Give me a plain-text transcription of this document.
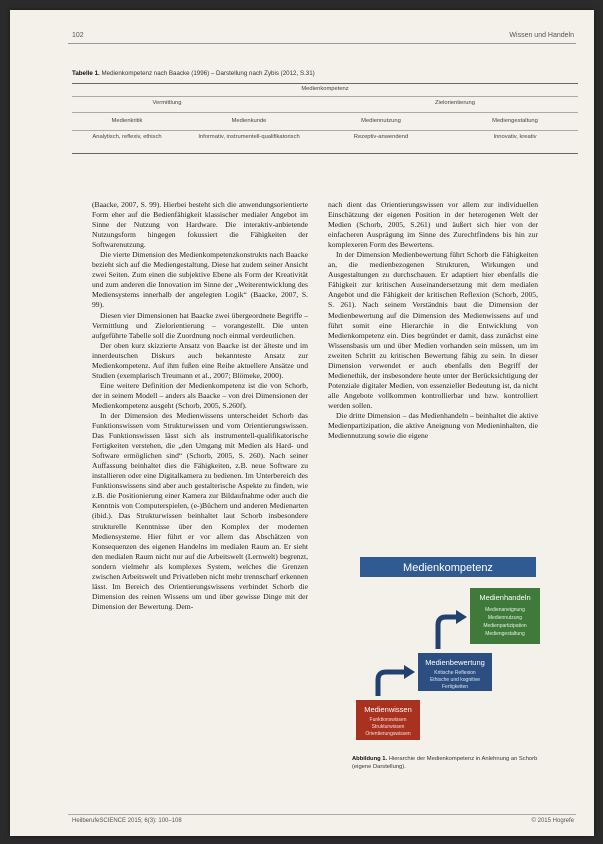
102	Wissen und Handeln
Tabelle 1. Medienkompetenz nach Baacke (1996) – Darstellung nach Zybis (2012, S.31)
Medienkompetenz
Vermittlung	Zielorientierung
Medienkritik	Medienkunde	Mediennutzung	Mediengestaltung
Analytisch, reflexiv, ethisch	Informativ, instrumentell-qualifikatorisch	Rezeptiv-anwendend	Innovativ, kreativ

(Baacke, 2007, S. 99). Hierbei besteht sich die anwendungsorientierte Form eher auf die Bedienfähigkeit klassischer medialer Angebot im Sinne der Nutzung von Hardware. Die interaktiv-anbietende Nutzungsform hingegen fokussiert die Fähigkeiten der Softwarenutzung.

Die vierte Dimension des Medienkompetenzkonstrukts nach Baacke bezieht sich auf die Mediengestaltung. Diese hat zudem seiner Ansicht zwei Seiten. Zum einen die subjektive Ebene als Form der Kreativität und zum anderen die Innovation im Sinne der „Weiterentwicklung des Mediensystems innerhalb der angelegten Logik“ (Baacke, 2007, S. 99).

Diesen vier Dimensionen hat Baacke zwei übergeordnete Begriffe – Vermittlung und Zielorientierung – vorangestellt. Die unten aufgeführte Tabelle soll die Zuordnung noch einmal verdeutlichen.

Der oben kurz skizzierte Ansatz von Baacke ist der älteste und im innerdeutschen Diskurs auch bekannteste Ansatz zur Medienkompetenz. Auf ihm fußen eine Reihe aktuellere Ansätze und Studien (exemplarisch Treumann et al., 2007; Blömeke, 2000).

Eine weitere Definition der Medienkompetenz ist die von Schorb, der in seinem Modell – anders als Baacke – von drei Dimensionen der Medienkompetenz ausgeht (Schorb, 2005, S.260f).

In der Dimension des Medienwissens unterscheidet Schorb das Funktionswissen vom Strukturwissen und vom Orientierungswissen. Das Funktionswissen lässt sich als instrumentell-qualifikatorische Fertigkeiten verstehen, die „den Umgang mit Medien als Hard- und Software ermöglichen sind“ (Schorb, 2005, S. 260). Nach seiner Auffassung beinhaltet dies die Fähigkeiten, z.B. neue Software zu installieren oder eine Digitalkamera zu bedienen. Im Unterbereich des Funktionswissens sind aber auch gestalterische Aspekte zu finden, wie z.B. die Positionierung einer Kamera zur Bildaufnahme oder auch die Kenntnis von Computerspielen, (e-)Büchern und anderen Medienarten (ibid.). Das Strukturwissen beinhaltet laut Schorb insbesondere strukturelle Kenntnisse über den Komplex der modernen Mediensysteme. Hier führt er vor allem das Abschätzen von Konsequenzen des eigenen Handelns im medialen Raum an. Er sieht den medialen Raum nicht nur auf die Arbeitswelt (Lernwelt) begrenzt, sondern vielmehr als komplexes System, welches die Grenzen zwischen Arbeitswelt und Privatleben nicht mehr trennscharf erkennen lässt. Im Bereich des Orientierungswissens verbindet Schorb die Dimension des reinen Wissens um und über gewisse Dinge mit der Dimension der Bewertung. Dem-

nach dient das Orientierungswissen vor allem zur individuellen Einschätzung der eigenen Position in der heterogenen Welt der Medien (Schorb, 2005, S.261) und äußert sich hier von der einfacheren Ausprägung im Sinne des Zurechtfindens bis hin zur komplexeren Form des Bewertens.

In der Dimension Medienbewertung führt Schorb die Fähigkeiten an, die medienbezogenen Strukturen, Wirkungen und Ausgestaltungen zu durchschauen. Er adaptiert hier ebenfalls die Fähigkeit zur kritischen Auseinandersetzung mit dem medialen Angebot und die Fähigkeit der kritischen Reflexion (Schorb, 2005, S. 261). Nach seinem Verständnis baut die Dimension der Medienbewertung auf die Dimension des Medienwissens auf und führt somit eine Hierarchie in die Entwicklung von Medienkompetenz ein. Dies begründet er damit, dass zunächst eine Wissensbasis um und über Medien vorhanden sein müssen, um im zweiten Schritt zu kritischen Bewertung fähig zu sein. In dieser Dimension verwendet er auch ebenfalls den Begriff der Medienethik, der insbesondere heute unter der Berücksichtigung der Potenziale digitaler Medien, von essenzieller Bedeutung ist, da nicht alle Angebote vollkommen kontrollierbar und bzw. kontrolliert werden sollen.

Die dritte Dimension – das Medienhandeln – beinhaltet die aktive Medienpartizipation, die aktive Aneignung von Medieninhalten, die Mediennutzung sowie die eigene

Medienkompetenz
Medienhandeln
Medienaneignung
Mediennutzung
Medienpartizipation
Mediengestaltung
Medienbewertung
Kritische Reflexion
Ethische und kognitive
Fertigkeiten
Medienwissen
Funktionswissen
Strukturwissen
Orientierungswissen
Abbildung 1. Hierarchie der Medienkompetenz in Anlehnung an Schorb (eigene Darstellung).
HeilberufeSCIENCE 2015; 6(3): 100–108	© 2015 Hogrefe
